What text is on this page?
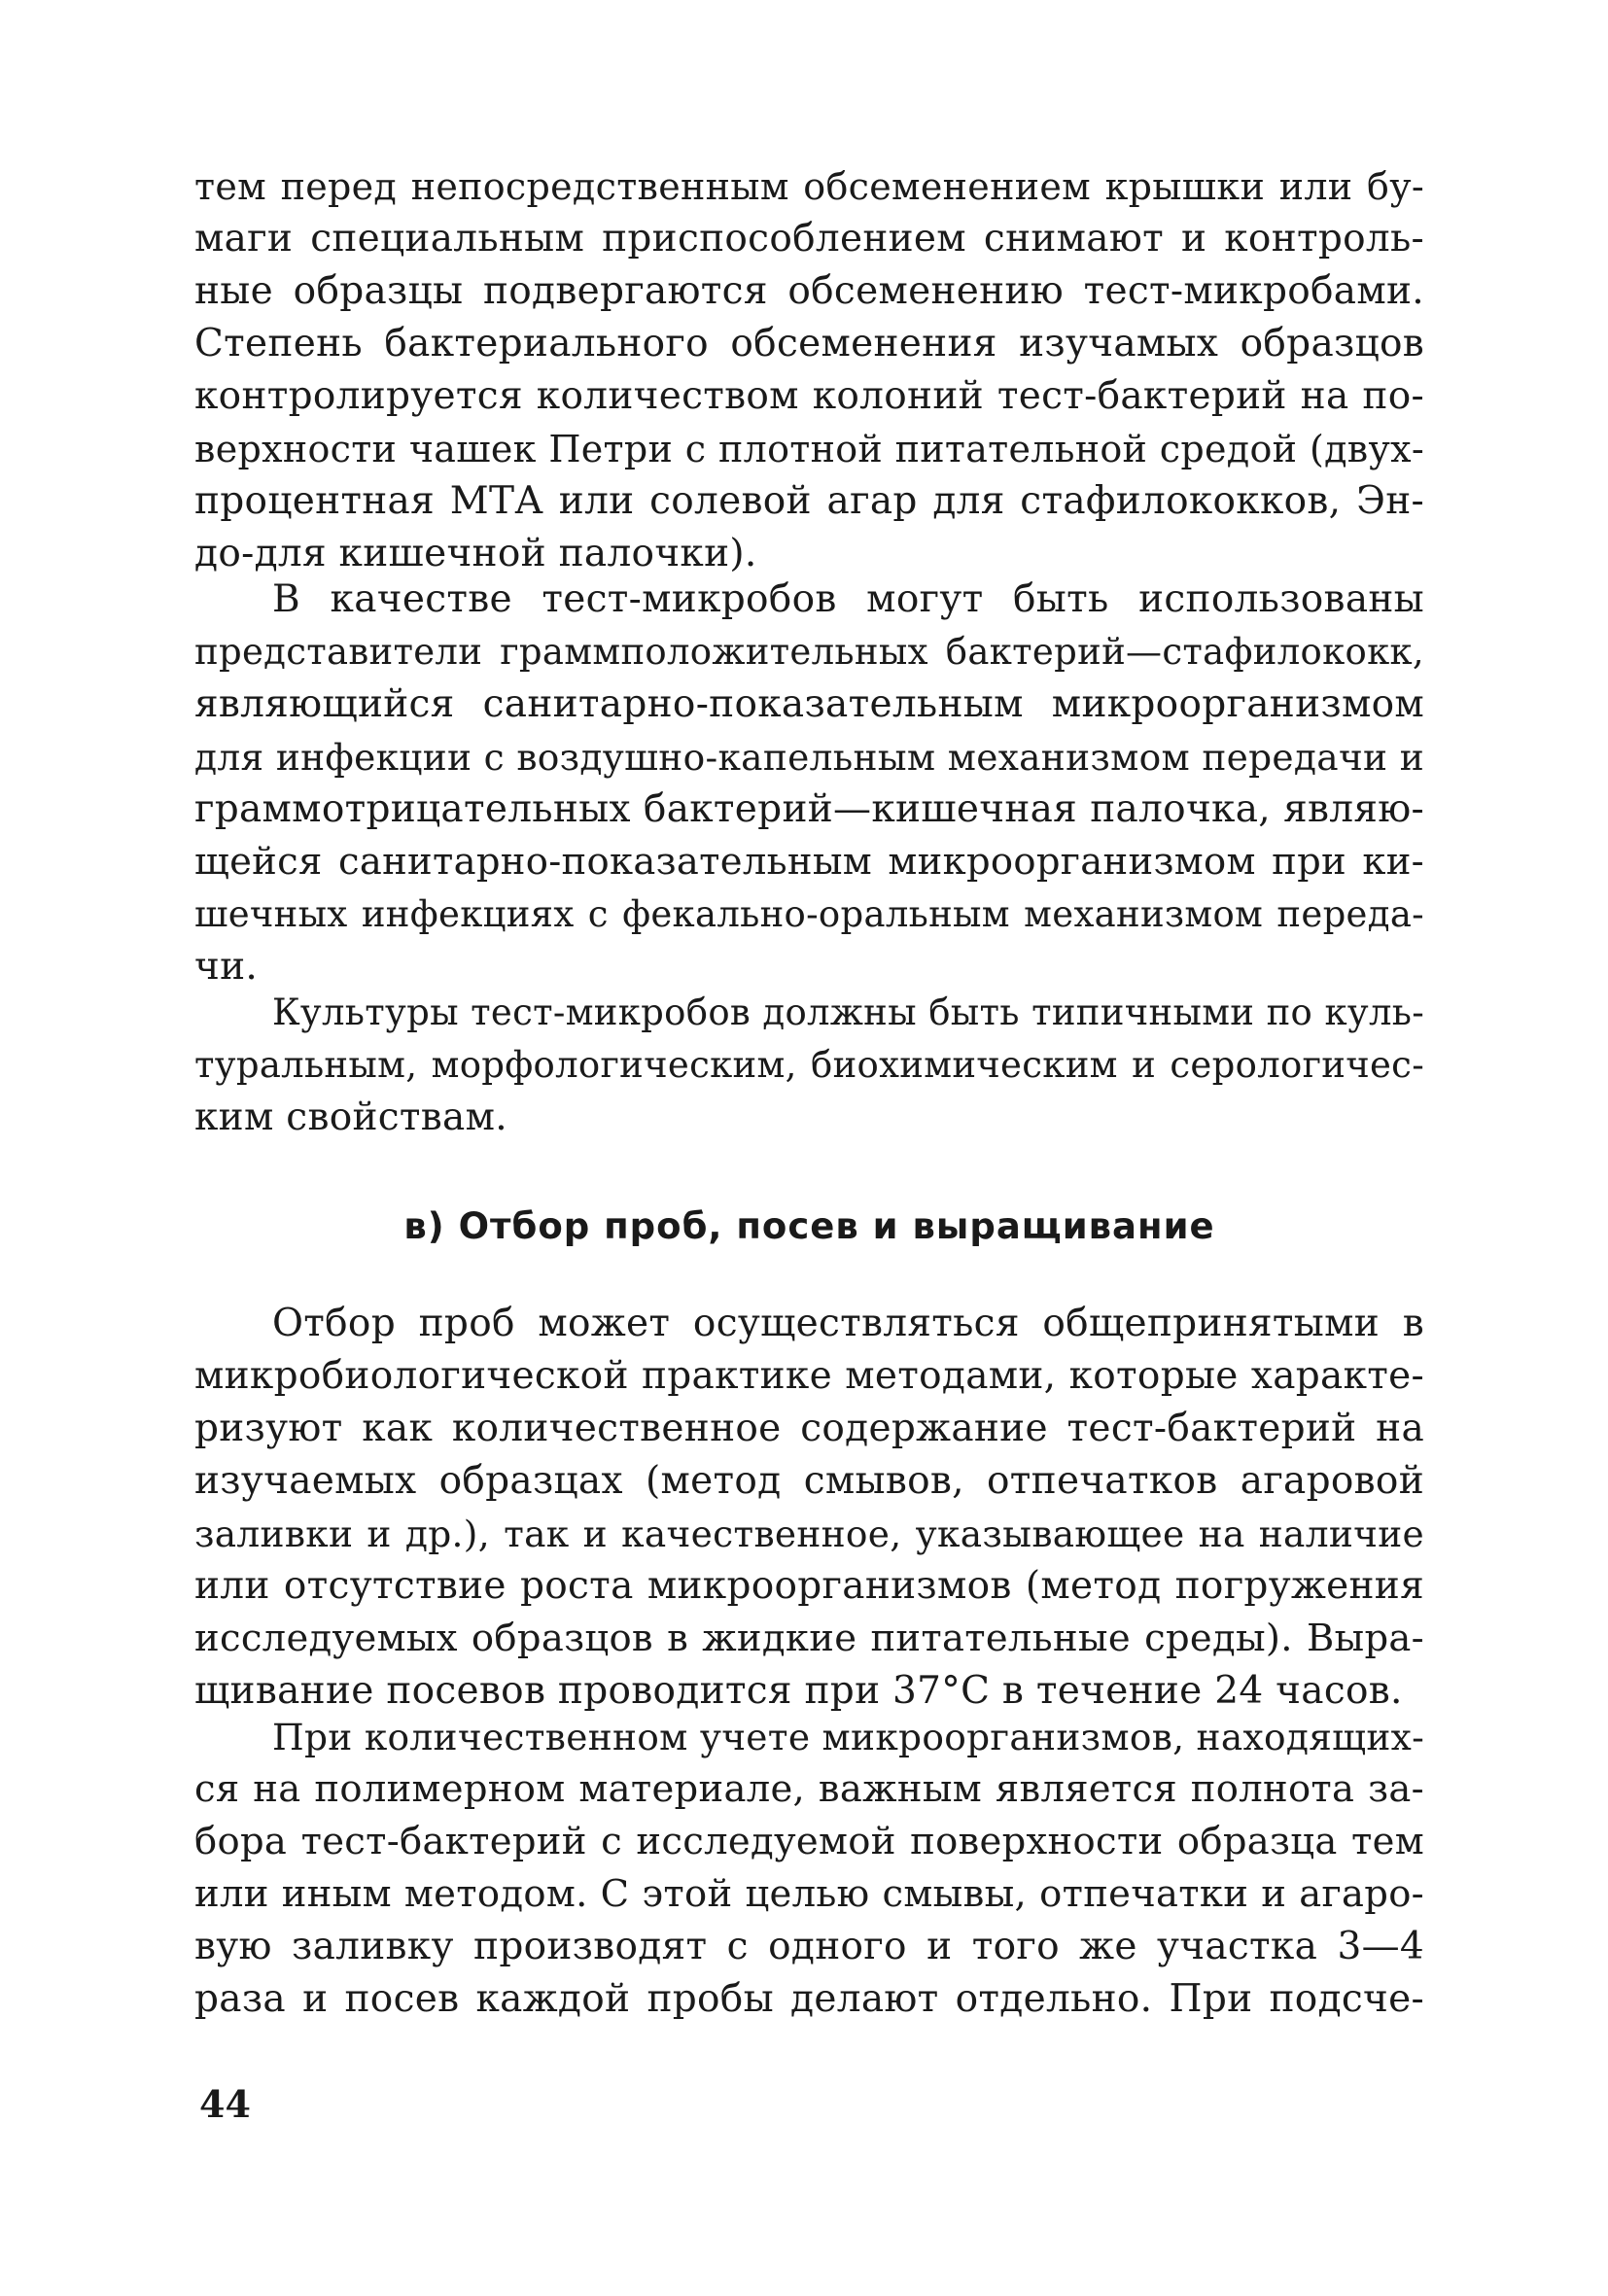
тем перед непосредственным обсеменением крышки или бу-
маги специальным приспособлением снимают и контроль-
ные образцы подвергаются обсеменению тест-микробами.
Степень бактериального обсеменения изучамых образцов
контролируется количеством колоний тест-бактерий на по-
верхности чашек Петри с плотной питательной средой (двух-
процентная МТА или солевой агар для стафилококков, Эн-
до-для кишечной палочки).
В качестве тест-микробов могут быть использованы
представители граммположительных бактерий—стафилококк,
являющийся санитарно-показательным микроорганизмом
для инфекции с воздушно-капельным механизмом передачи и
граммотрицательных бактерий—кишечная палочка, являю-
щейся санитарно-показательным микроорганизмом при ки-
шечных инфекциях с фекально-оральным механизмом переда-
чи.
Культуры тест-микробов должны быть типичными по куль-
туральным, морфологическим, биохимическим и серологичес-
ким свойствам.
в) Отбор проб, посев и выращивание
Отбор проб может осуществляться общепринятыми в
микробиологической практике методами, которые характе-
ризуют как количественное содержание тест-бактерий на
изучаемых образцах (метод смывов, отпечатков агаровой
заливки и др.), так и качественное, указывающее на наличие
или отсутствие роста микроорганизмов (метод погружения
исследуемых образцов в жидкие питательные среды). Выра-
щивание посевов проводится при 37°С в течение 24 часов.
При количественном учете микроорганизмов, находящих-
ся на полимерном материале, важным является полнота за-
бора тест-бактерий с исследуемой поверхности образца тем
или иным методом. С этой целью смывы, отпечатки и агаро-
вую заливку производят с одного и того же участка 3—4
раза и посев каждой пробы делают отдельно. При подсче-
44
